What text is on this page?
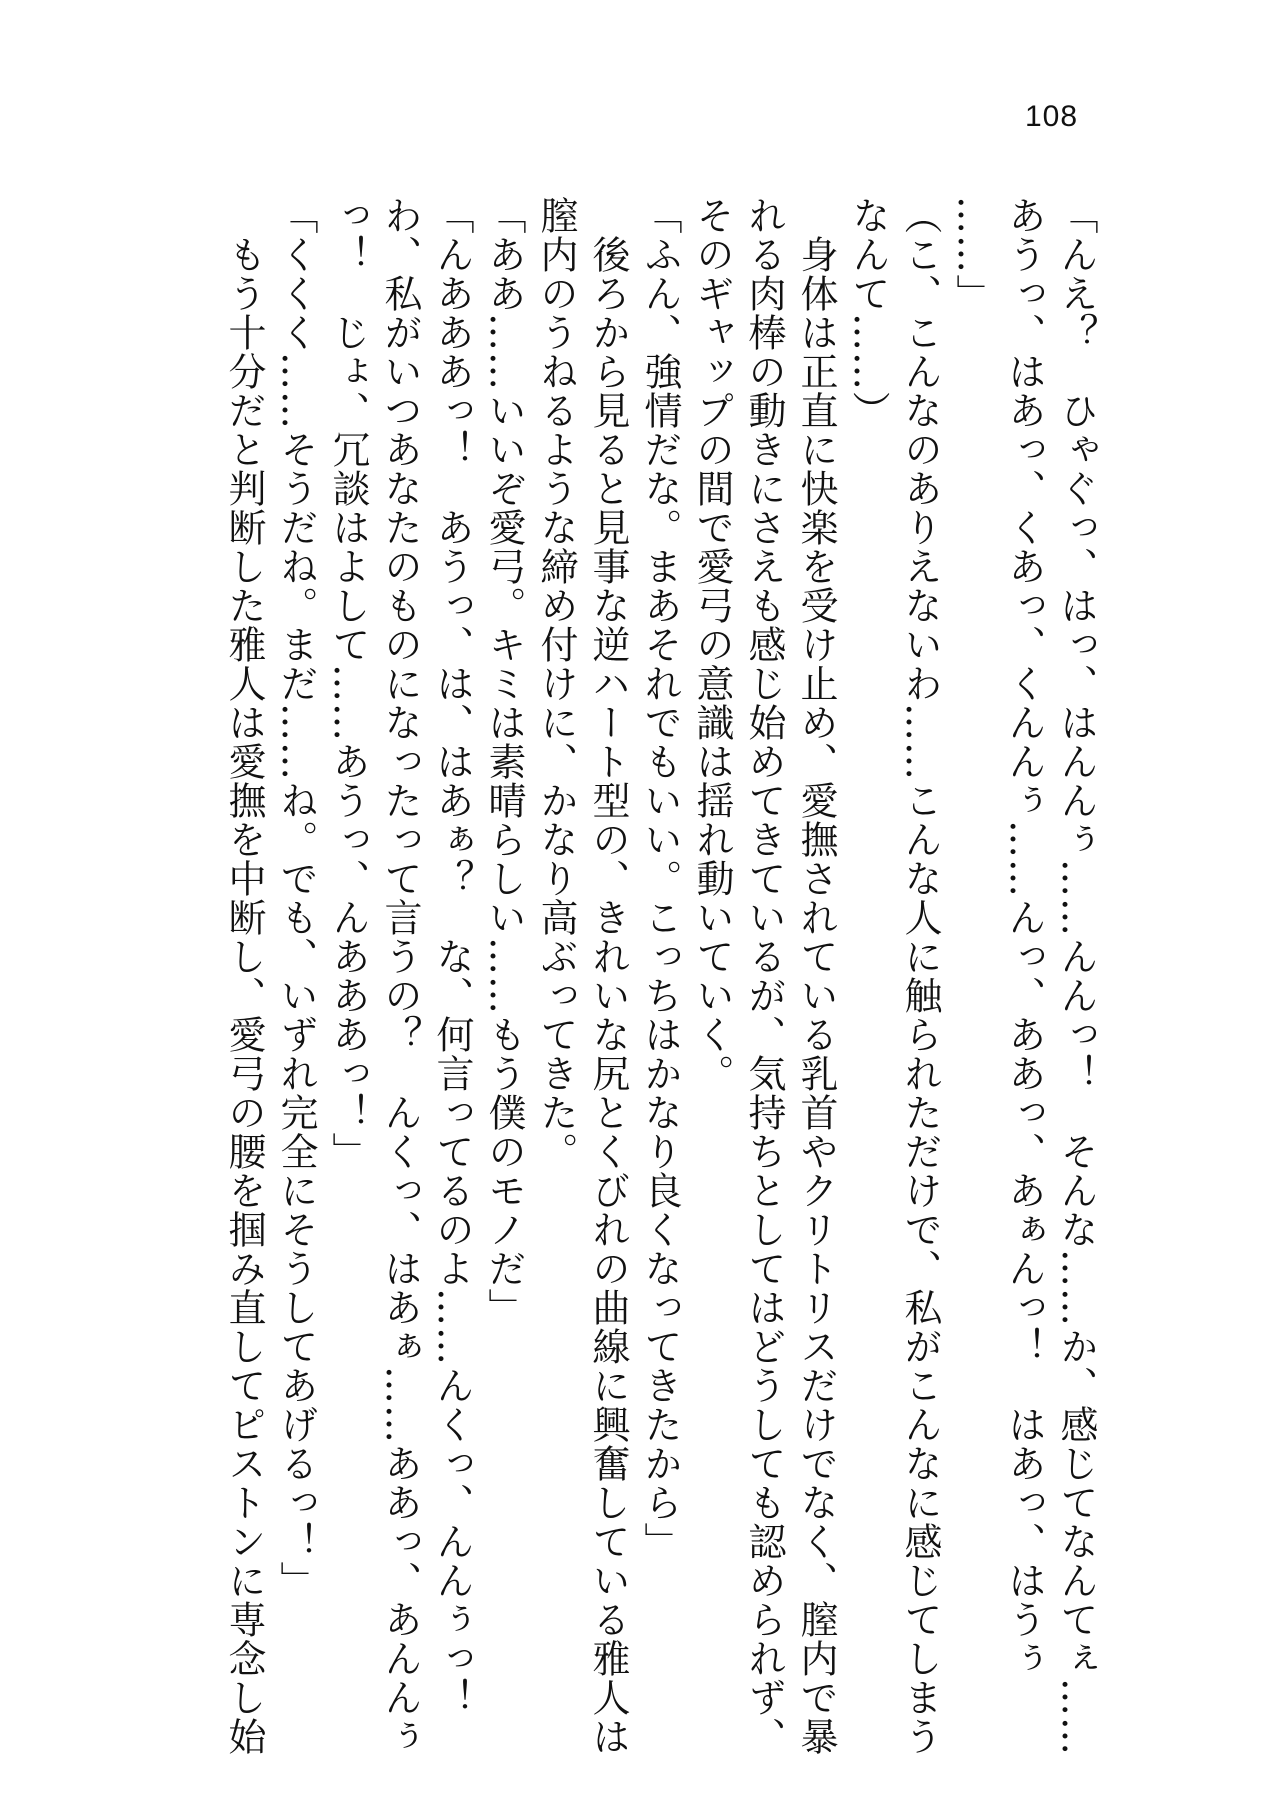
108
「んえ？　ひゃぐっ、はっ、はんんぅ……んんっ！　そんな……か、感じてなんてぇ……
あうっ、はあっ、くあっ、くんんぅ……んっ、ああっ、あぁんっ！　はあっ、はうぅ
……」
（こ、こんなのありえないわ……こんな人に触られただけで、私がこんなに感じてしまう
なんて……）
　身体は正直に快楽を受け止め、愛撫されている乳首やクリトリスだけでなく、膣内で暴
れる肉棒の動きにさえも感じ始めてきているが、気持ちとしてはどうしても認められず、
そのギャップの間で愛弓の意識は揺れ動いていく。
「ふん、強情だな。まあそれでもいい。こっちはかなり良くなってきたから」
　後ろから見ると見事な逆ハート型の、きれいな尻とくびれの曲線に興奮している雅人は
膣内のうねるような締め付けに、かなり高ぶってきた。
「ああ……いいぞ愛弓。キミは素晴らしい……もう僕のモノだ」
「んあああっ！　あうっ、は、はあぁ？　な、何言ってるのよ……んくっ、んんぅっ！
わ、私がいつあなたのものになったって言うの？　んくっ、はあぁ……ああっ、あんんぅ
っ！　じょ、冗談はよして……あうっ、んあああっ！」
「くくく……そうだね。まだ……ね。でも、いずれ完全にそうしてあげるっ！」
　もう十分だと判断した雅人は愛撫を中断し、愛弓の腰を掴み直してピストンに専念し始
